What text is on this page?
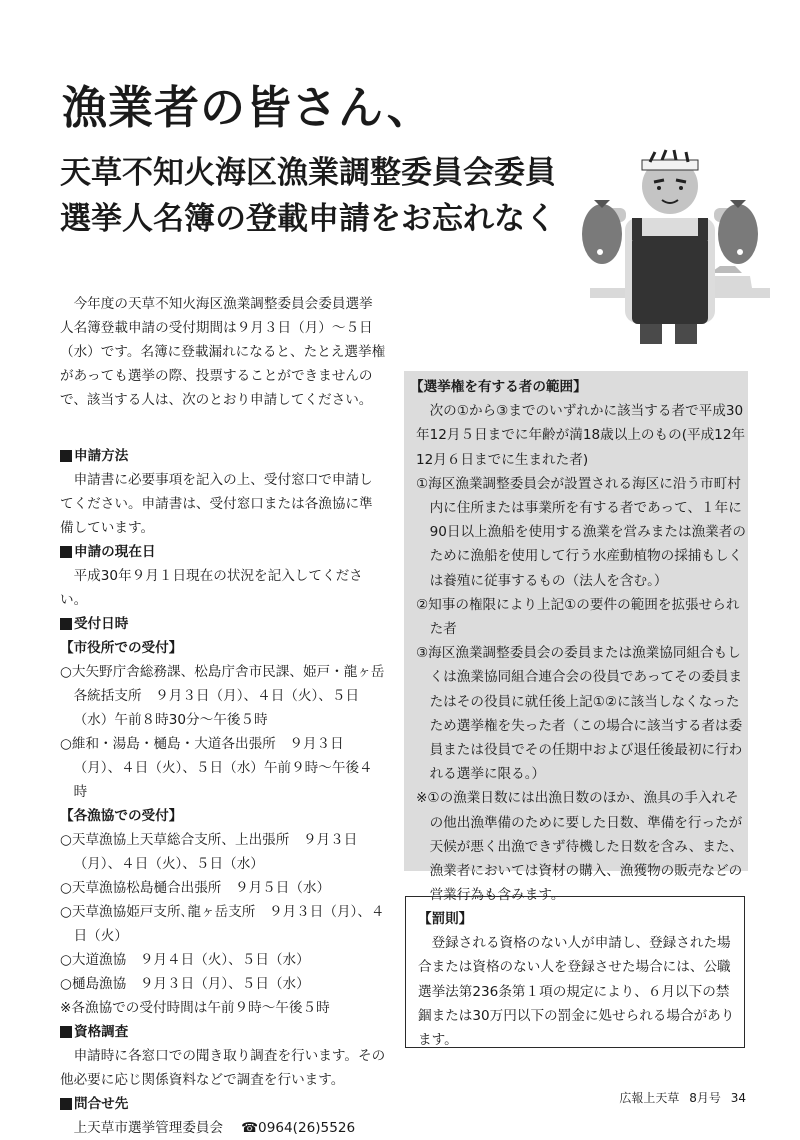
漁業者の皆さん、
天草不知火海区漁業調整委員会委員
選挙人名簿の登載申請をお忘れなく

今年度の天草不知火海区漁業調整委員会委員選挙人名簿登載申請の受付期間は９月３日（月）～５日（水）です。名簿に登載漏れになると、たとえ選挙権があっても選挙の際、投票することができませんので、該当する人は、次のとおり申請してください。

申請方法

申請書に必要事項を記入の上、受付窓口で申請してください。申請書は、受付窓口または各漁協に準備しています。

申請の現在日

平成30年９月１日現在の状況を記入してください。

受付日時
【市役所での受付】

○大矢野庁舎総務課、松島庁舎市民課、姫戸・龍ヶ岳各統括支所　９月３日（月）、４日（火）、５日（水）午前８時30分～午後５時

○維和・湯島・樋島・大道各出張所　９月３日（月）、４日（火）、５日（水）午前９時～午後４時

【各漁協での受付】

○天草漁協上天草総合支所、上出張所　９月３日（月）、４日（火）、５日（水）

○天草漁協松島樋合出張所　９月５日（水）

○天草漁協姫戸支所､龍ヶ岳支所　９月３日（月）、４日（火）

○大道漁協　９月４日（火）、５日（水）

○樋島漁協　９月３日（月）、５日（水）

※各漁協での受付時間は午前９時～午後５時
資格調査

申請時に各窓口での聞き取り調査を行います。その他必要に応じ関係資料などで調査を行います。

問合せ先
上天草市選挙管理委員会 ☎0964(26)5526
【選挙権を有する者の範囲】

次の①から③までのいずれかに該当する者で平成30年12月５日までに年齢が満18歳以上のもの(平成12年12月６日までに生まれた者)

①海区漁業調整委員会が設置される海区に沿う市町村内に住所または事業所を有する者であって、１年に90日以上漁船を使用する漁業を営みまたは漁業者のために漁船を使用して行う水産動植物の採捕もしくは養殖に従事するもの（法人を含む。）

②知事の権限により上記①の要件の範囲を拡張せられた者

③海区漁業調整委員会の委員または漁業協同組合もしくは漁業協同組合連合会の役員であってその委員またはその役員に就任後上記①②に該当しなくなったため選挙権を失った者（この場合に該当する者は委員または役員でその任期中および退任後最初に行われる選挙に限る。）

※①の漁業日数には出漁日数のほか、漁具の手入れその他出漁準備のために要した日数、準備を行ったが天候が悪く出漁できず待機した日数を含み、また、漁業者においては資材の購入、漁獲物の販売などの営業行為も含みます。

【罰則】

登録される資格のない人が申請し、登録された場合または資格のない人を登録させた場合には、公職選挙法第236条第１項の規定により、６月以下の禁錮または30万円以下の罰金に処せられる場合があります。

広報上天草 8月号 34
